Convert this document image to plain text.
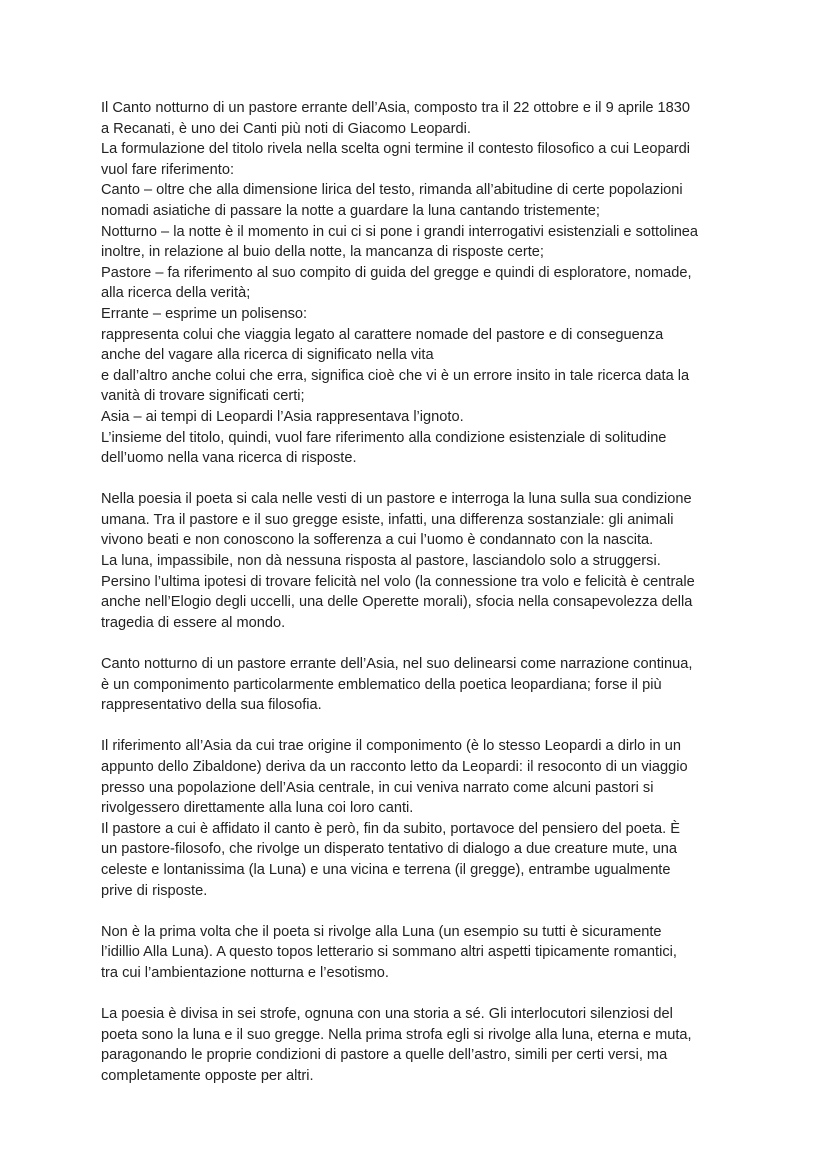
Il Canto notturno di un pastore errante dell’Asia, composto tra il 22 ottobre e il 9 aprile 1830
a Recanati, è uno dei Canti più noti di Giacomo Leopardi.
La formulazione del titolo rivela nella scelta ogni termine il contesto filosofico a cui Leopardi
vuol fare riferimento:
Canto – oltre che alla dimensione lirica del testo, rimanda all’abitudine di certe popolazioni
nomadi asiatiche di passare la notte a guardare la luna cantando tristemente;
Notturno – la notte è il momento in cui ci si pone i grandi interrogativi esistenziali e sottolinea
inoltre, in relazione al buio della notte, la mancanza di risposte certe;
Pastore – fa riferimento al suo compito di guida del gregge e quindi di esploratore, nomade,
alla ricerca della verità;
Errante – esprime un polisenso:
rappresenta colui che viaggia legato al carattere nomade del pastore e di conseguenza
anche del vagare alla ricerca di significato nella vita
e dall’altro anche colui che erra, significa cioè che vi è un errore insito in tale ricerca data la
vanità di trovare significati certi;
Asia – ai tempi di Leopardi l’Asia rappresentava l’ignoto.
L’insieme del titolo, quindi, vuol fare riferimento alla condizione esistenziale di solitudine
dell’uomo nella vana ricerca di risposte.
Nella poesia il poeta si cala nelle vesti di un pastore e interroga la luna sulla sua condizione
umana. Tra il pastore e il suo gregge esiste, infatti, una differenza sostanziale: gli animali
vivono beati e non conoscono la sofferenza a cui l’uomo è condannato con la nascita.
La luna, impassibile, non dà nessuna risposta al pastore, lasciandolo solo a struggersi.
Persino l’ultima ipotesi di trovare felicità nel volo (la connessione tra volo e felicità è centrale
anche nell’Elogio degli uccelli, una delle Operette morali), sfocia nella consapevolezza della
tragedia di essere al mondo.
Canto notturno di un pastore errante dell’Asia, nel suo delinearsi come narrazione continua,
è un componimento particolarmente emblematico della poetica leopardiana; forse il più
rappresentativo della sua filosofia.
Il riferimento all’Asia da cui trae origine il componimento (è lo stesso Leopardi a dirlo in un
appunto dello Zibaldone) deriva da un racconto letto da Leopardi: il resoconto di un viaggio
presso una popolazione dell’Asia centrale, in cui veniva narrato come alcuni pastori si
rivolgessero direttamente alla luna coi loro canti.
Il pastore a cui è affidato il canto è però, fin da subito, portavoce del pensiero del poeta. È
un pastore-filosofo, che rivolge un disperato tentativo di dialogo a due creature mute, una
celeste e lontanissima (la Luna) e una vicina e terrena (il gregge), entrambe ugualmente
prive di risposte.
Non è la prima volta che il poeta si rivolge alla Luna (un esempio su tutti è sicuramente
l’idillio Alla Luna). A questo topos letterario si sommano altri aspetti tipicamente romantici,
tra cui l’ambientazione notturna e l’esotismo.
La poesia è divisa in sei strofe, ognuna con una storia a sé. Gli interlocutori silenziosi del
poeta sono la luna e il suo gregge. Nella prima strofa egli si rivolge alla luna, eterna e muta,
paragonando le proprie condizioni di pastore a quelle dell’astro, simili per certi versi, ma
completamente opposte per altri.
